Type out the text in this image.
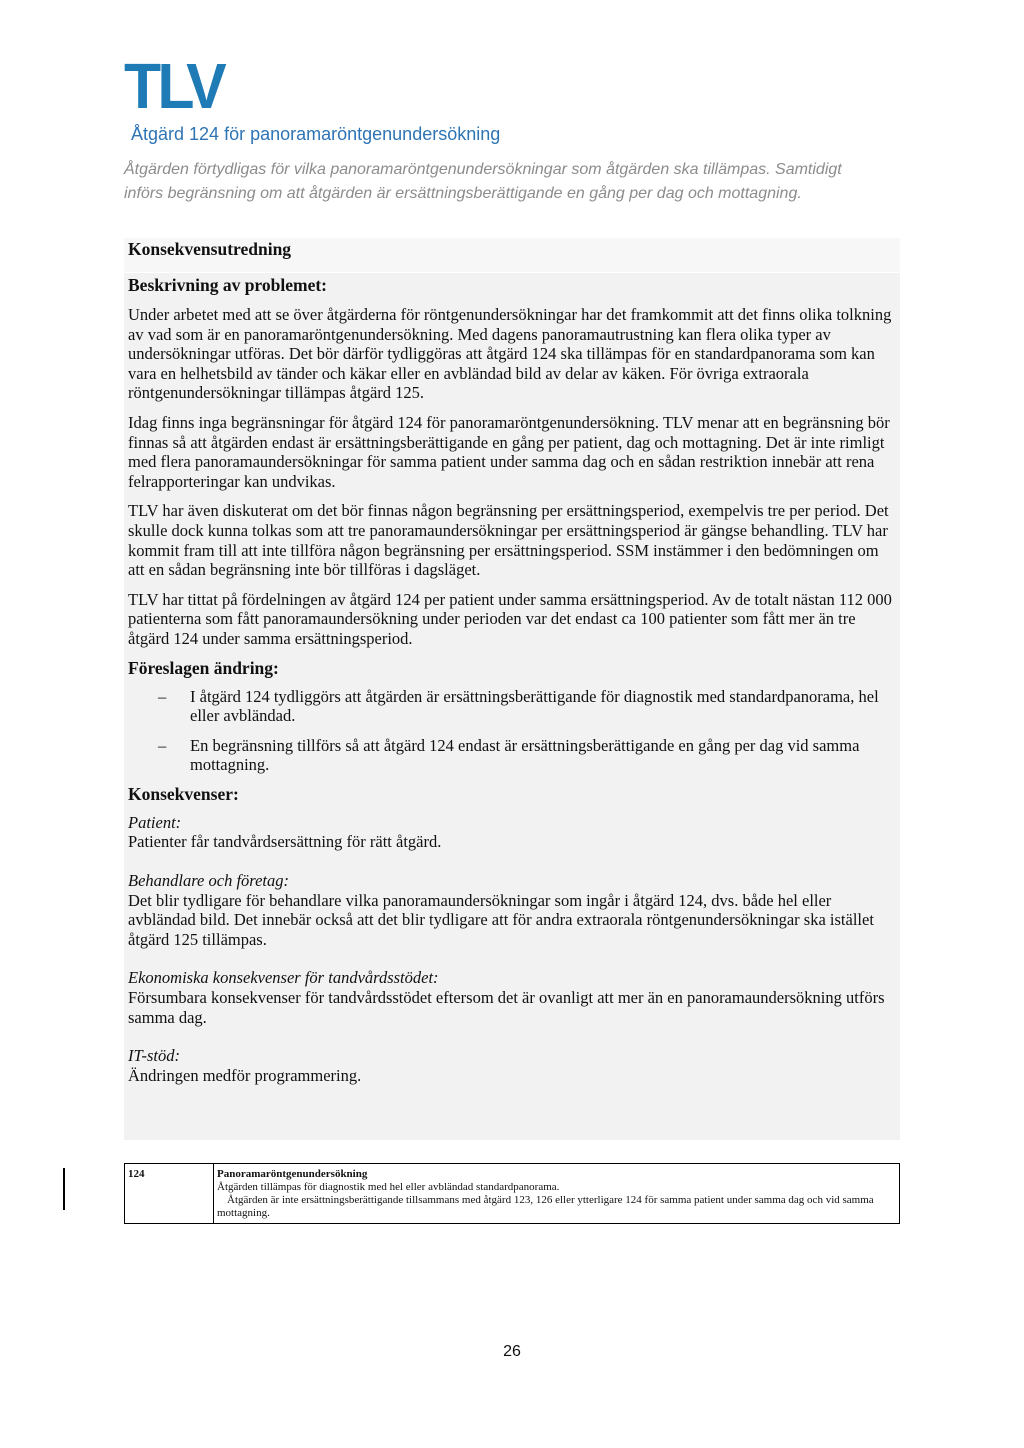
TLV
Åtgärd 124 för panoramaröntgenundersökning
Åtgärden förtydligas för vilka panoramaröntgenundersökningar som åtgärden ska tillämpas. Samtidigt införs begränsning om att åtgärden är ersättningsberättigande en gång per dag och mottagning.
Konsekvensutredning
Beskrivning av problemet:

Under arbetet med att se över åtgärderna för röntgenundersökningar har det framkommit att det finns olika tolkning av vad som är en panoramaröntgenundersökning. Med dagens panoramautrustning kan flera olika typer av undersökningar utföras. Det bör därför tydliggöras att åtgärd 124 ska tillämpas för en standardpanorama som kan vara en helhetsbild av tänder och käkar eller en avbländad bild av delar av käken. För övriga extraorala röntgenundersökningar tillämpas åtgärd 125.

Idag finns inga begränsningar för åtgärd 124 för panoramaröntgenundersökning. TLV menar att en begränsning bör finnas så att åtgärden endast är ersättningsberättigande en gång per patient, dag och mottagning. Det är inte rimligt med flera panoramaundersökningar för samma patient under samma dag och en sådan restriktion innebär att rena felrapporteringar kan undvikas.

TLV har även diskuterat om det bör finnas någon begränsning per ersättningsperiod, exempelvis tre per period. Det skulle dock kunna tolkas som att tre panoramaundersökningar per ersättningsperiod är gängse behandling. TLV har kommit fram till att inte tillföra någon begränsning per ersättningsperiod. SSM instämmer i den bedömningen om att en sådan begränsning inte bör tillföras i dagsläget.

TLV har tittat på fördelningen av åtgärd 124 per patient under samma ersättningsperiod. Av de totalt nästan 112 000 patienterna som fått panoramaundersökning under perioden var det endast ca 100 patienter som fått mer än tre åtgärd 124 under samma ersättningsperiod.

Föreslagen ändring:
– I åtgärd 124 tydliggörs att åtgärden är ersättningsberättigande för diagnostik med standardpanorama, hel eller avbländad.
– En begränsning tillförs så att åtgärd 124 endast är ersättningsberättigande en gång per dag vid samma mottagning.
Konsekvenser:

Patient:

Patienter får tandvårdsersättning för rätt åtgärd.

Behandlare och företag:

Det blir tydligare för behandlare vilka panoramaundersökningar som ingår i åtgärd 124, dvs. både hel eller avbländad bild. Det innebär också att det blir tydligare att för andra extraorala röntgenundersökningar ska istället åtgärd 125 tillämpas.

Ekonomiska konsekvenser för tandvårdsstödet:

Försumbara konsekvenser för tandvårdsstödet eftersom det är ovanligt att mer än en panoramaundersökning utförs samma dag.

IT-stöd:

Ändringen medför programmering.

124	Panoramaröntgenundersökning
Åtgärden tillämpas för diagnostik med hel eller avbländad standardpanorama.
Åtgärden är inte ersättningsberättigande tillsammans med åtgärd 123, 126 eller ytterligare 124 för samma patient under samma dag och vid samma mottagning.
26
